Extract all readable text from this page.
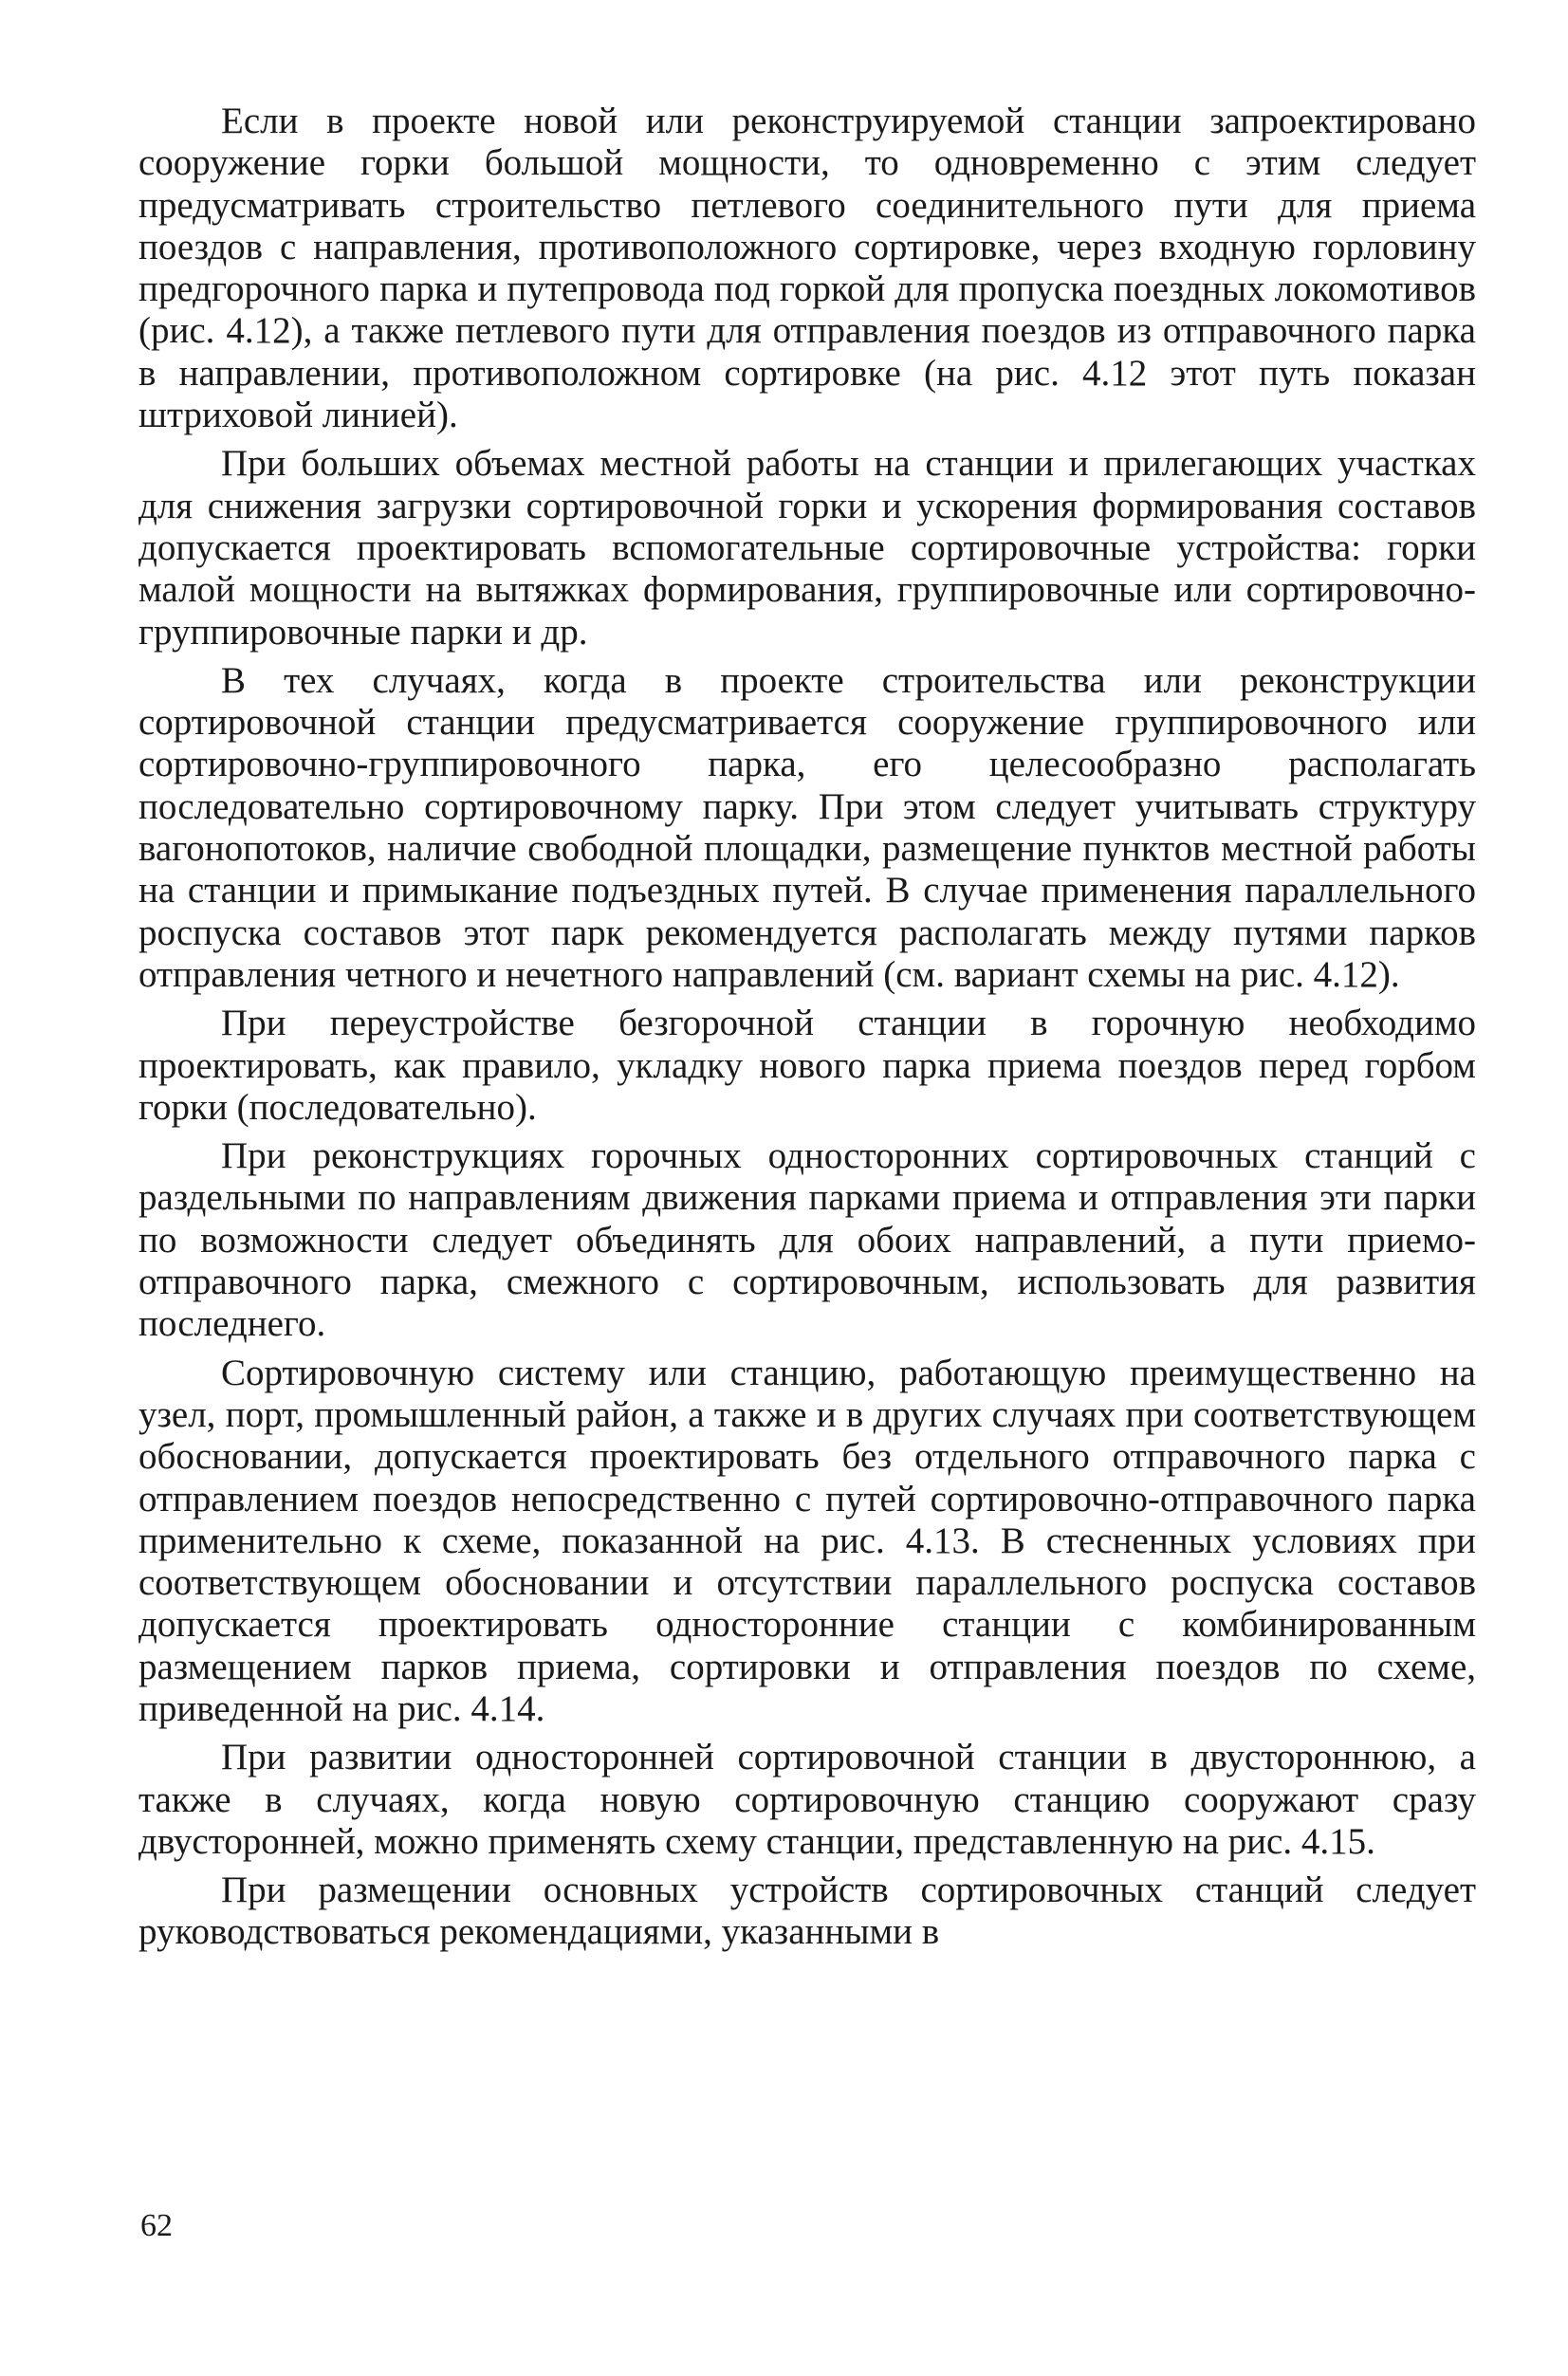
Если в проекте новой или реконструируемой станции запроектировано сооружение горки большой мощности, то одновременно с этим следует предусматривать строительство петлевого соединительного пути для приема поездов с направления, противоположного сортировке, через входную горловину предгорочного парка и путепровода под горкой для пропуска поездных локомотивов (рис. 4.12), а также петлевого пути для отправления поездов из отправочного парка в направлении, противоположном сортировке (на рис. 4.12 этот путь показан штриховой линией).

При больших объемах местной работы на станции и прилегающих участках для снижения загрузки сортировочной горки и ускорения формирования составов допускается проектировать вспомогательные сортировочные устройства: горки малой мощности на вытяжках формирования, группировочные или сортировочно-группировочные парки и др.

В тех случаях, когда в проекте строительства или реконструкции сортировочной станции предусматривается сооружение группировочного или сортировочно-группировочного парка, его целесообразно располагать последовательно сортировочному парку. При этом следует учитывать структуру вагонопотоков, наличие свободной площадки, размещение пунктов местной работы на станции и примыкание подъездных путей. В случае применения параллельного роспуска составов этот парк рекомендуется располагать между путями парков отправления четного и нечетного направлений (см. вариант схемы на рис. 4.12).

При переустройстве безгорочной станции в горочную необходимо проектировать, как правило, укладку нового парка приема поездов перед горбом горки (последовательно).

При реконструкциях горочных односторонних сортировочных станций с раздельными по направлениям движения парками приема и отправления эти парки по возможности следует объединять для обоих направлений, а пути приемо-отправочного парка, смежного с сортировочным, использовать для развития последнего.

Сортировочную систему или станцию, работающую преимущественно на узел, порт, промышленный район, а также и в других случаях при соответствующем обосновании, допускается проектировать без отдельного отправочного парка с отправлением поездов непосредственно с путей сортировочно-отправочного парка применительно к схеме, показанной на рис. 4.13. В стесненных условиях при соответствующем обосновании и отсутствии параллельного роспуска составов допускается проектировать односторонние станции с комбинированным размещением парков приема, сортировки и отправления поездов по схеме, приведенной на рис. 4.14.

При развитии односторонней сортировочной станции в двустороннюю, а также в случаях, когда новую сортировочную станцию сооружают сразу двусторонней, можно применять схему станции, представленную на рис. 4.15.

При размещении основных устройств сортировочных станций следует руководствоваться рекомендациями, указанными в

62
